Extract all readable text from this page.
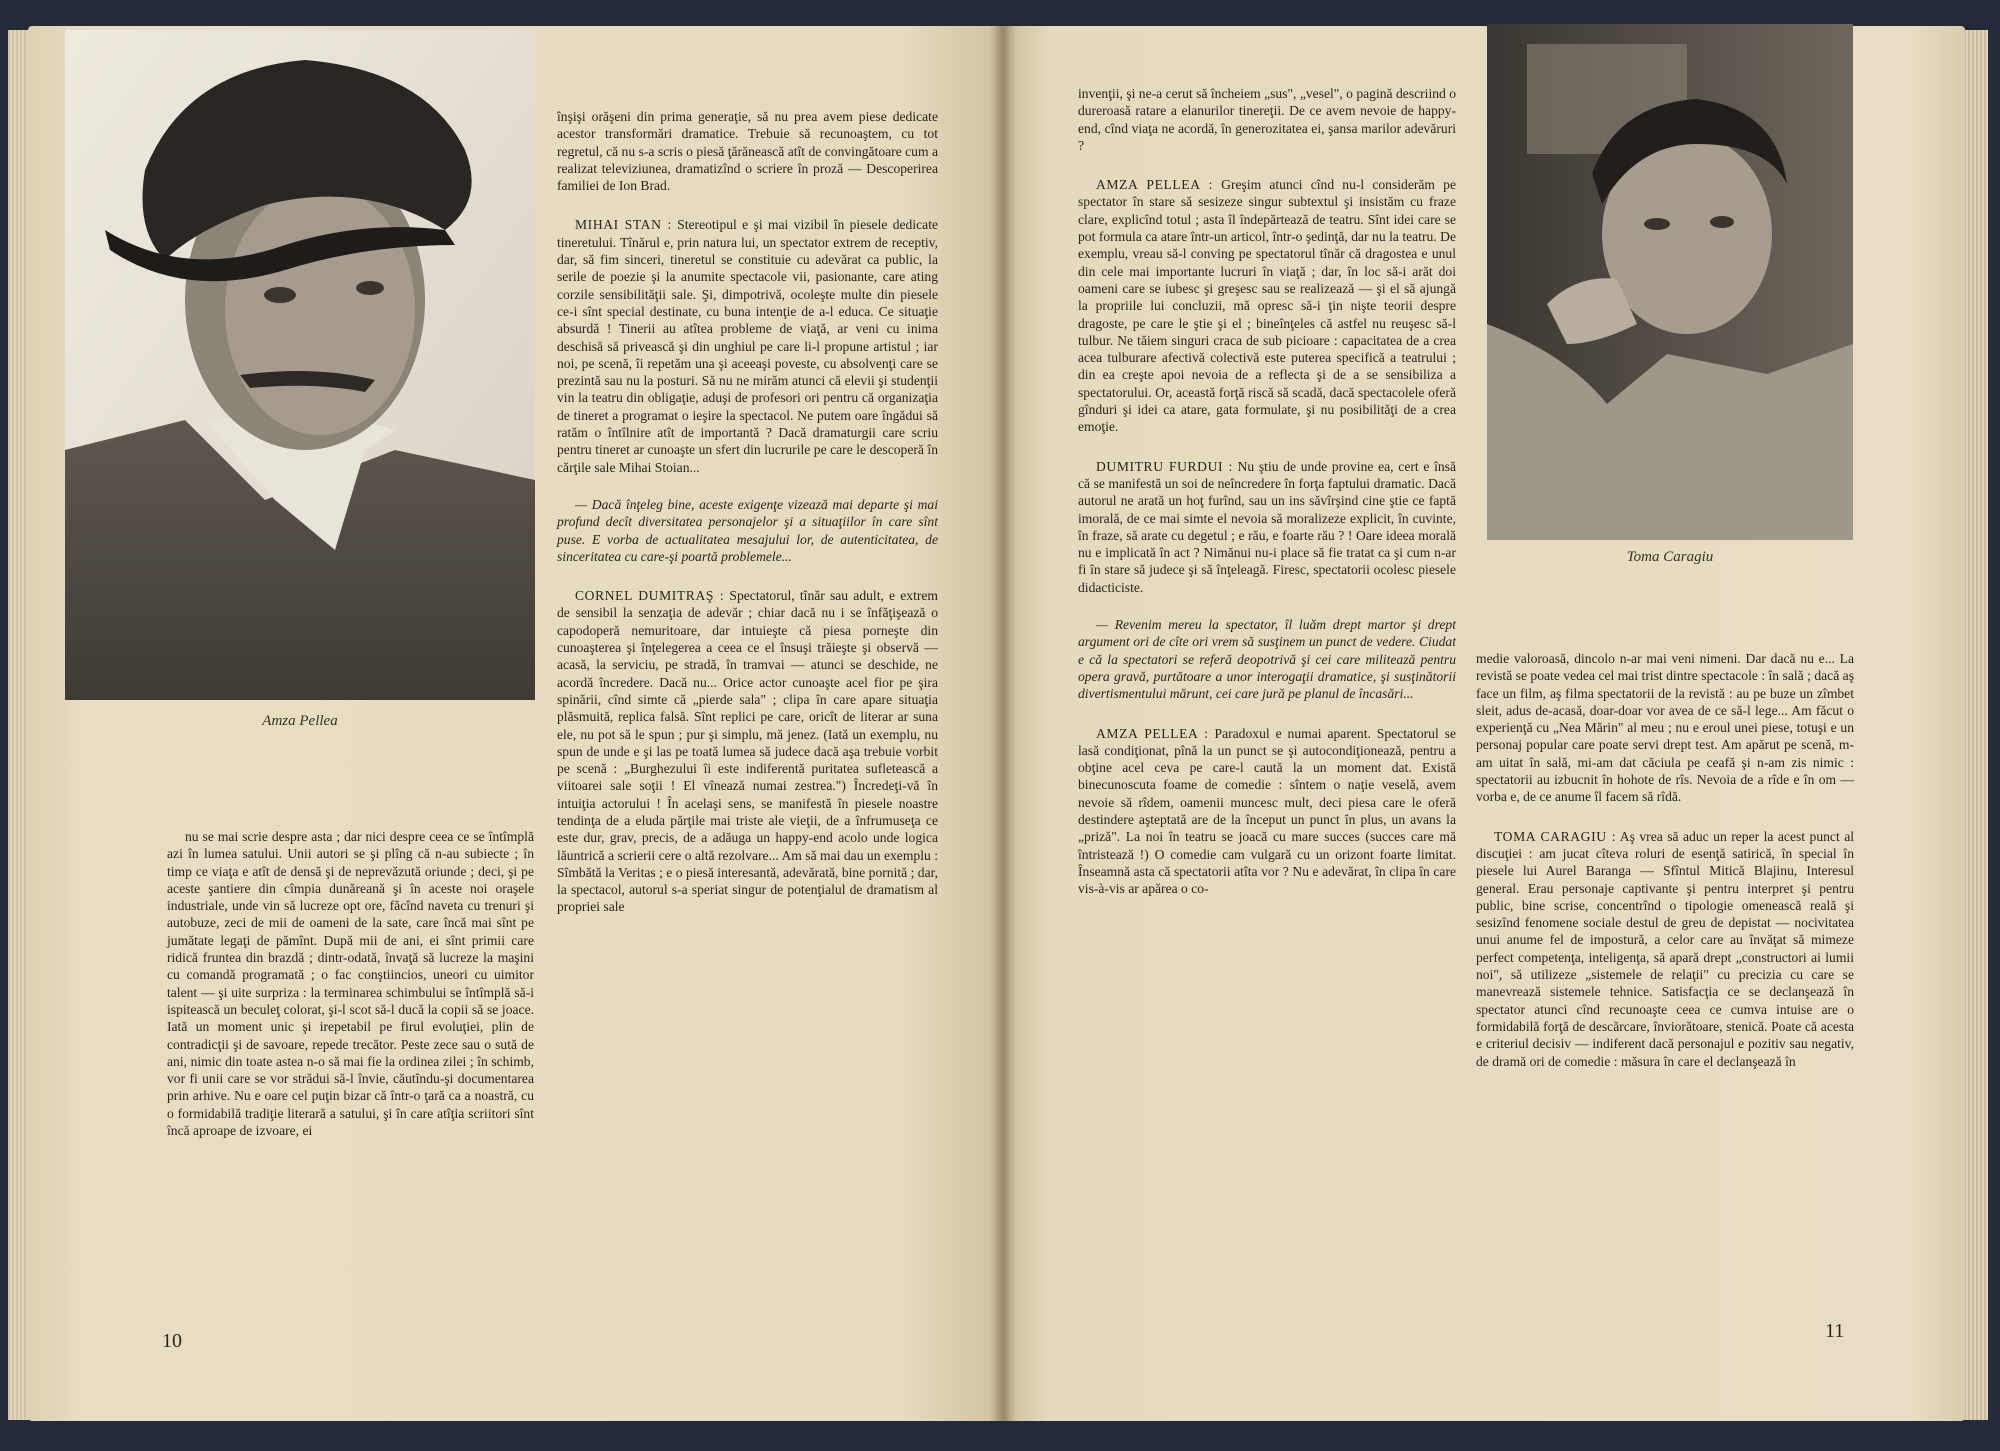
Amza Pellea

nu se mai scrie despre asta ; dar nici despre ceea ce se întîmplă azi în lumea satului. Unii autori se şi plîng că n-au subiecte ; în timp ce viaţa e atît de densă şi de neprevăzută oriunde ; deci, şi pe aceste şantiere din cîmpia dunăreană şi în aceste noi oraşele industriale, unde vin să lucreze opt ore, făcînd naveta cu trenuri şi autobuze, zeci de mii de oameni de la sate, care încă mai sînt pe jumătate legaţi de pămînt. După mii de ani, ei sînt primii care ridică fruntea din brazdă ; dintr-odată, învaţă să lucreze la maşini cu comandă programată ; o fac conştiincios, uneori cu uimitor talent — şi uite surpriza : la terminarea schimbului se întîmplă să-i ispitească un beculeţ colorat, şi-l scot să-l ducă la copii să se joace. Iată un moment unic şi irepetabil pe firul evoluţiei, plin de contradicţii şi de savoare, repede trecător. Peste zece sau o sută de ani, nimic din toate astea n-o să mai fie la ordinea zilei ; în schimb, vor fi unii care se vor strădui să-l învie, căutîndu-şi documentarea prin arhive. Nu e oare cel puţin bizar că într-o ţară ca a noastră, cu o formidabilă tradiţie literară a satului, şi în care atîţia scriitori sînt încă aproape de izvoare, ei

înşişi orăşeni din prima generaţie, să nu prea avem piese dedicate acestor transformări dramatice. Trebuie să recunoaştem, cu tot regretul, că nu s-a scris o piesă ţărănească atît de convingătoare cum a realizat televiziunea, dramatizînd o scriere în proză — Descoperirea familiei de Ion Brad.

MIHAI STAN : Stereotipul e şi mai vizibil în piesele dedicate tineretului. Tînărul e, prin natura lui, un spectator extrem de receptiv, dar, să fim sinceri, tineretul se constituie cu adevărat ca public, la serile de poezie şi la anumite spectacole vii, pasionante, care ating corzile sensibilităţii sale. Şi, dimpotrivă, ocoleşte multe din piesele ce-i sînt special destinate, cu buna intenţie de a-l educa. Ce situaţie absurdă ! Tinerii au atîtea probleme de viaţă, ar veni cu inima deschisă să privească şi din unghiul pe care li-l propune artistul ; iar noi, pe scenă, îi repetăm una şi aceeaşi poveste, cu absolvenţi care se prezintă sau nu la posturi. Să nu ne mirăm atunci că elevii şi studenţii vin la teatru din obligaţie, aduşi de profesori ori pentru că organizaţia de tineret a programat o ieşire la spectacol. Ne putem oare îngădui să ratăm o întîlnire atît de importantă ? Dacă dramaturgii care scriu pentru tineret ar cunoaşte un sfert din lucrurile pe care le descoperă în cărţile sale Mihai Stoian...

— Dacă înţeleg bine, aceste exigenţe vizează mai departe şi mai profund decît diversitatea personajelor şi a situaţiilor în care sînt puse. E vorba de actualitatea mesajului lor, de autenticitatea, de sinceritatea cu care-şi poartă problemele...

CORNEL DUMITRAŞ : Spectatorul, tînăr sau adult, e extrem de sensibil la senzaţia de adevăr ; chiar dacă nu i se înfăţişează o capodoperă nemuritoare, dar intuieşte că piesa porneşte din cunoaşterea şi înţelegerea a ceea ce el însuşi trăieşte şi observă — acasă, la serviciu, pe stradă, în tramvai — atunci se deschide, ne acordă încredere. Dacă nu... Orice actor cunoaşte acel fior pe şira spinării, cînd simte că „pierde sala" ; clipa în care apare situaţia plăsmuită, replica falsă. Sînt replici pe care, oricît de literar ar suna ele, nu pot să le spun ; pur şi simplu, mă jenez. (Iată un exemplu, nu spun de unde e şi las pe toată lumea să judece dacă aşa trebuie vorbit pe scenă : „Burghezului îi este indiferentă puritatea sufletească a viitoarei sale soţii ! El vînează numai zestrea.") Încredeţi-vă în intuiţia actorului ! În acelaşi sens, se manifestă în piesele noastre tendinţa de a eluda părţile mai triste ale vieţii, de a înfrumuseţa ce este dur, grav, precis, de a adăuga un happy-end acolo unde logica lăuntrică a scrierii cere o altă rezolvare... Am să mai dau un exemplu : Sîmbătă la Veritas ; e o piesă interesantă, adevărată, bine pornită ; dar, la spectacol, autorul s-a speriat singur de potenţialul de dramatism al propriei sale

10
Toma Caragiu

invenţii, şi ne-a cerut să încheiem „sus", „vesel", o pagină descriind o dureroasă ratare a elanurilor tinereţii. De ce avem nevoie de happy-end, cînd viaţa ne acordă, în generozitatea ei, şansa marilor adevăruri ?

AMZA PELLEA : Greşim atunci cînd nu-l considerăm pe spectator în stare să sesizeze singur subtextul şi insistăm cu fraze clare, explicînd totul ; asta îl îndepărtează de teatru. Sînt idei care se pot formula ca atare într-un articol, într-o şedinţă, dar nu la teatru. De exemplu, vreau să-l conving pe spectatorul tînăr că dragostea e unul din cele mai importante lucruri în viaţă ; dar, în loc să-i arăt doi oameni care se iubesc şi greşesc sau se realizează — şi el să ajungă la propriile lui concluzii, mă opresc să-i ţin nişte teorii despre dragoste, pe care le ştie şi el ; bineînţeles că astfel nu reuşesc să-l tulbur. Ne tăiem singuri craca de sub picioare : capacitatea de a crea acea tulburare afectivă colectivă este puterea specifică a teatrului ; din ea creşte apoi nevoia de a reflecta şi de a se sensibiliza a spectatorului. Or, această forţă riscă să scadă, dacă spectacolele oferă gînduri şi idei ca atare, gata formulate, şi nu posibilităţi de a crea emoţie.

DUMITRU FURDUI : Nu ştiu de unde provine ea, cert e însă că se manifestă un soi de neîncredere în forţa faptului dramatic. Dacă autorul ne arată un hoţ furînd, sau un ins săvîrşind cine ştie ce faptă imorală, de ce mai simte el nevoia să moralizeze explicit, în cuvinte, în fraze, să arate cu degetul ; e rău, e foarte rău ? ! Oare ideea morală nu e implicată în act ? Nimănui nu-i place să fie tratat ca şi cum n-ar fi în stare să judece şi să înţeleagă. Firesc, spectatorii ocolesc piesele didacticiste.

— Revenim mereu la spectator, îl luăm drept martor şi drept argument ori de cîte ori vrem să susţinem un punct de vedere. Ciudat e că la spectatori se referă deopotrivă şi cei care militează pentru opera gravă, purtătoare a unor interogaţii dramatice, şi susţinătorii divertismentului mărunt, cei care jură pe planul de încasări...

AMZA PELLEA : Paradoxul e numai aparent. Spectatorul se lasă condiţionat, pînă la un punct se şi autocondiţionează, pentru a obţine acel ceva pe care-l caută la un moment dat. Există binecunoscuta foame de comedie : sîntem o naţie veselă, avem nevoie să rîdem, oamenii muncesc mult, deci piesa care le oferă destindere aşteptată are de la început un punct în plus, un avans la „priză". La noi în teatru se joacă cu mare succes (succes care mă întristează !) O comedie cam vulgară cu un orizont foarte limitat. Înseamnă asta că spectatorii atîta vor ? Nu e adevărat, în clipa în care vis-à-vis ar apărea o co-

medie valoroasă, dincolo n-ar mai veni nimeni. Dar dacă nu e... La revistă se poate vedea cel mai trist dintre spectacole : în sală ; dacă aş face un film, aş filma spectatorii de la revistă : au pe buze un zîmbet sleit, adus de-acasă, doar-doar vor avea de ce să-l lege... Am făcut o experienţă cu „Nea Mărin" al meu ; nu e eroul unei piese, totuşi e un personaj popular care poate servi drept test. Am apărut pe scenă, m-am uitat în sală, mi-am dat căciula pe ceafă şi n-am zis nimic : spectatorii au izbucnit în hohote de rîs. Nevoia de a rîde e în om — vorba e, de ce anume îl facem să rîdă.

TOMA CARAGIU : Aş vrea să aduc un reper la acest punct al discuţiei : am jucat cîteva roluri de esenţă satirică, în special în piesele lui Aurel Baranga — Sfîntul Mitică Blajinu, Interesul general. Erau personaje captivante şi pentru interpret şi pentru public, bine scrise, concentrînd o tipologie omenească reală şi sesizînd fenomene sociale destul de greu de depistat — nocivitatea unui anume fel de impostură, a celor care au învăţat să mimeze perfect competenţa, inteligenţa, să apară drept „constructori ai lumii noi", să utilizeze „sistemele de relaţii" cu precizia cu care se manevrează sistemele tehnice. Satisfacţia ce se declanşează în spectator atunci cînd recunoaşte ceea ce cumva intuise are o formidabilă forţă de descărcare, înviorătoare, stenică. Poate că acesta e criteriul decisiv — indiferent dacă personajul e pozitiv sau negativ, de dramă ori de comedie : măsura în care el declanşează în

11
